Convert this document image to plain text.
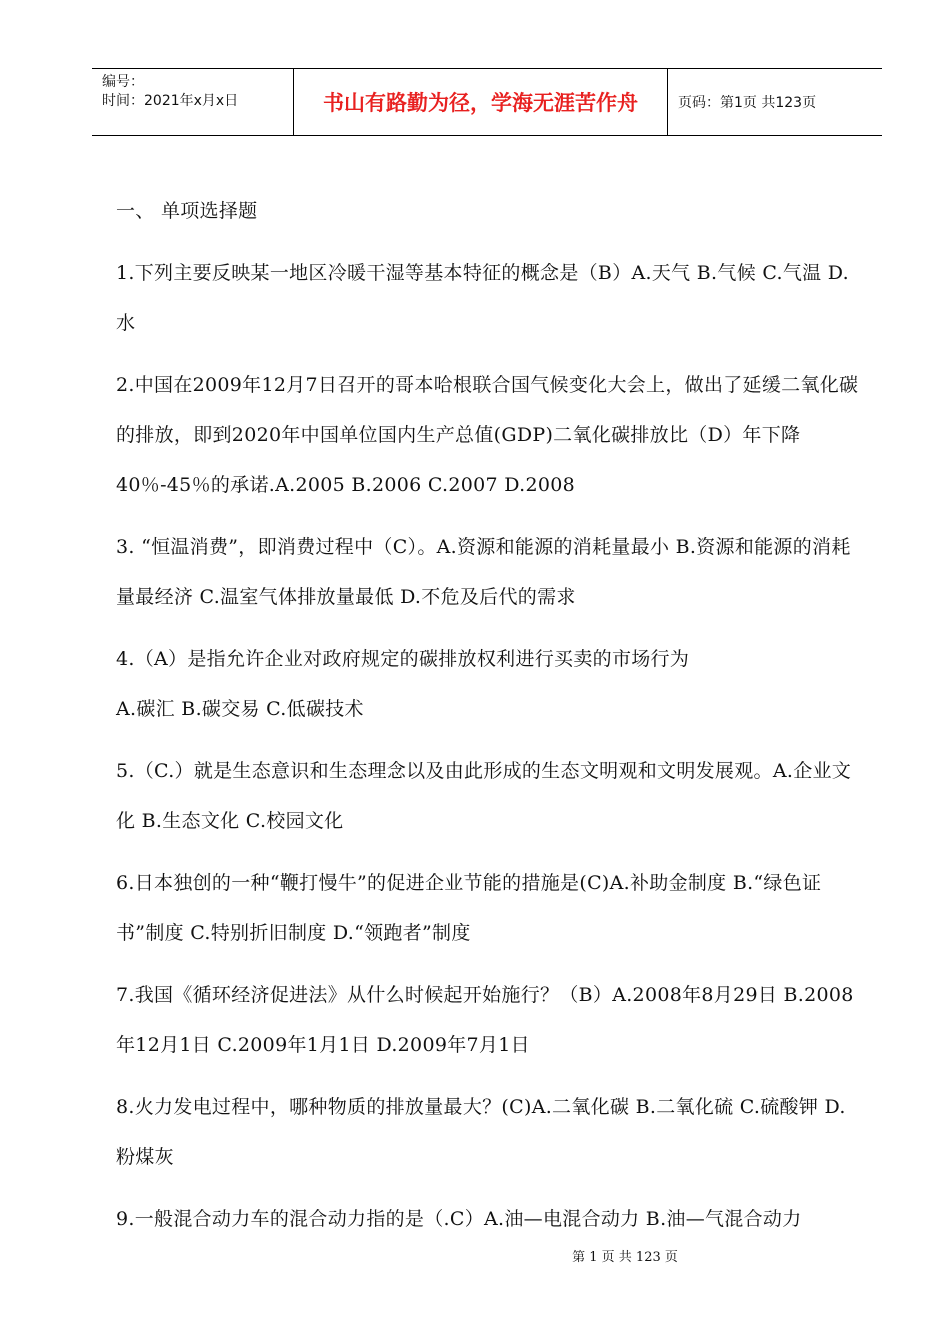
编号：
时间：2021年x月x日	书山有路勤为径，学海无涯苦作舟	页码：第1页 共123页

一、 单项选择题

1.下列主要反映某一地区冷暖干湿等基本特征的概念是（B）A.天气 B.气候 C.气温 D.水

2.中国在2009年12月7日召开的哥本哈根联合国气候变化大会上，做出了延缓二氧化碳的排放，即到2020年中国单位国内生产总值(GDP)二氧化碳排放比（D）年下降40％-45％的承诺.A.2005 B.2006 C.2007 D.2008

3. “恒温消费”，即消费过程中（C）。A.资源和能源的消耗量最小 B.资源和能源的消耗量最经济 C.温室气体排放量最低 D.不危及后代的需求

4.（A）是指允许企业对政府规定的碳排放权利进行买卖的市场行为

A.碳汇 B.碳交易 C.低碳技术

5.（C.）就是生态意识和生态理念以及由此形成的生态文明观和文明发展观。A.企业文化 B.生态文化 C.校园文化

6.日本独创的一种“鞭打慢牛”的促进企业节能的措施是(C)A.补助金制度 B.“绿色证书”制度 C.特别折旧制度 D.“领跑者”制度

7.我国《循环经济促进法》从什么时候起开始施行？（B）A.2008年8月29日 B.2008年12月1日 C.2009年1月1日 D.2009年7月1日

8.火力发电过程中，哪种物质的排放量最大？(C)A.二氧化碳 B.二氧化硫 C.硫酸钾 D.粉煤灰

9.一般混合动力车的混合动力指的是（.C）A.油—电混合动力 B.油—气混合动力

第 1 页 共 123 页
